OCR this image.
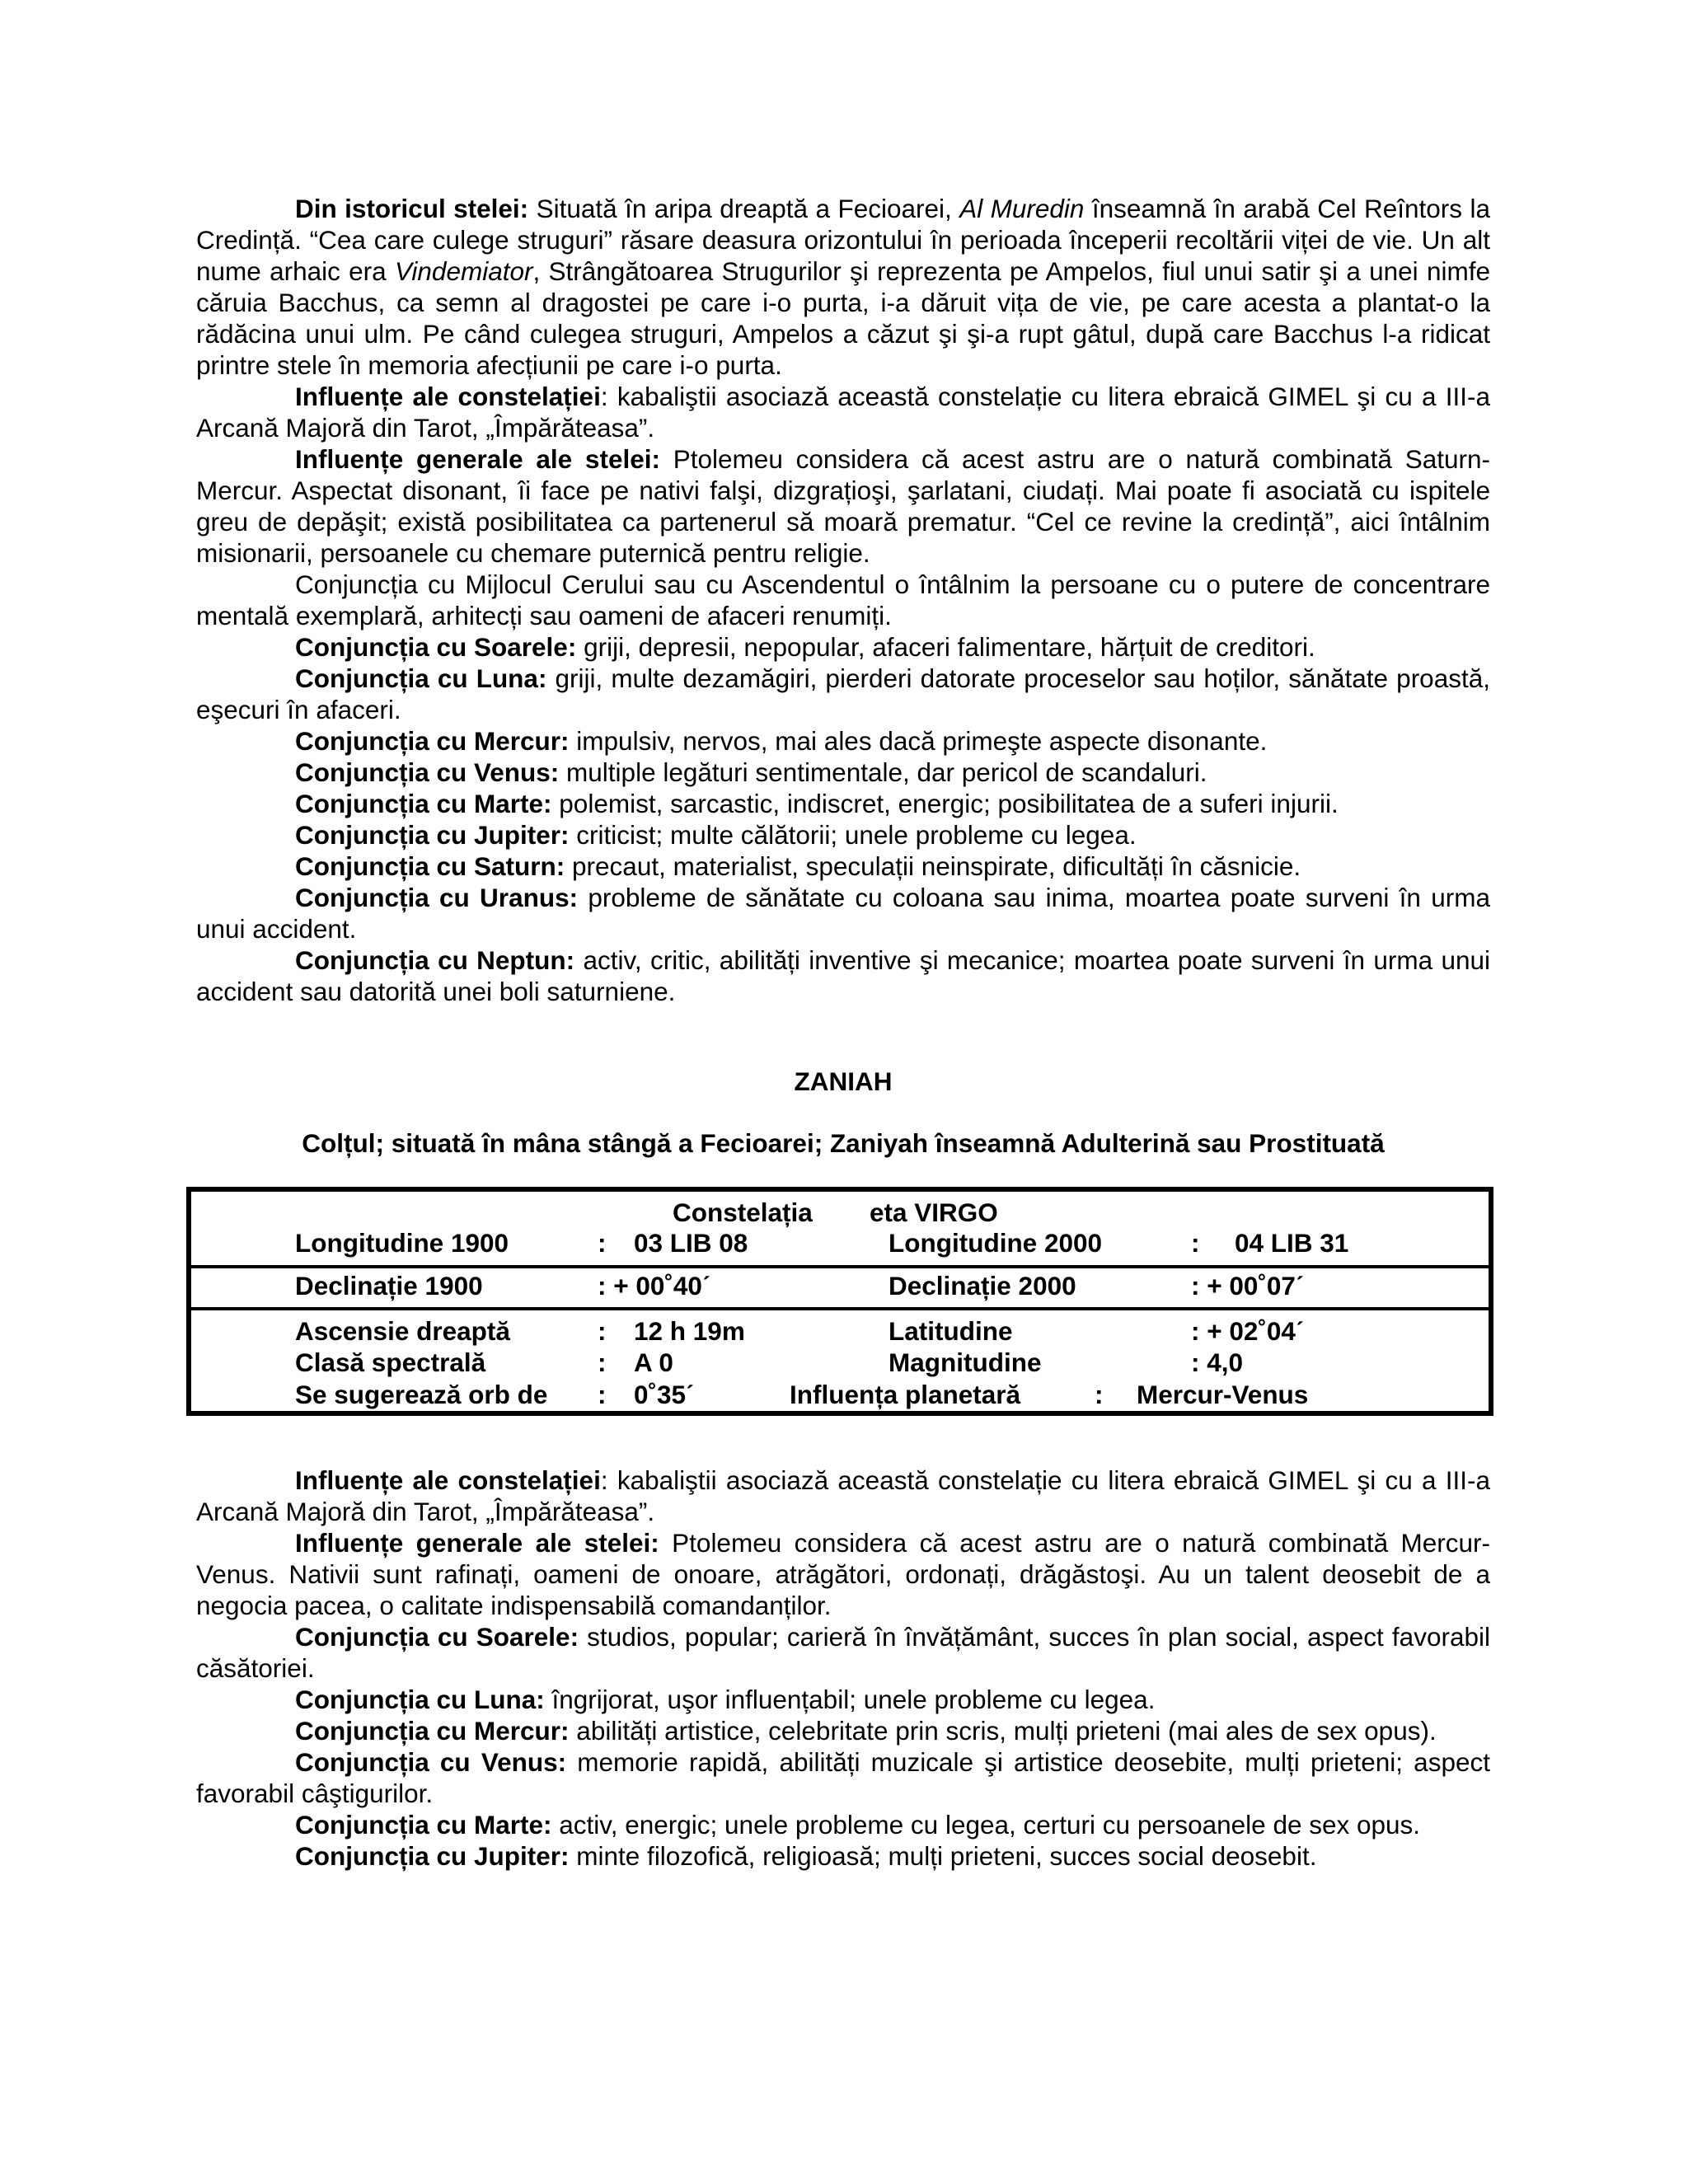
Din istoricul stelei: Situată în aripa dreaptă a Fecioarei, Al Muredin înseamnă în arabă Cel Reîntors la Credință. “Cea care culege struguri” răsare deasura orizontului în perioada începerii recoltării viței de vie. Un alt nume arhaic era Vindemiator, Strângătoarea Strugurilor şi reprezenta pe Ampelos, fiul unui satir şi a unei nimfe căruia Bacchus, ca semn al dragostei pe care i-o purta, i-a dăruit vița de vie, pe care acesta a plantat-o la rădăcina unui ulm. Pe când culegea struguri, Ampelos a căzut şi şi-a rupt gâtul, după care Bacchus l-a ridicat printre stele în memoria afecțiunii pe care i-o purta.

Influențe ale constelației: kabaliştii asociază această constelație cu litera ebraică GIMEL şi cu a III-a Arcană Majoră din Tarot, „Împărăteasa”.

Influențe generale ale stelei: Ptolemeu considera că acest astru are o natură combinată Saturn-Mercur. Aspectat disonant, îi face pe nativi falşi, dizgrațioşi, şarlatani, ciudați. Mai poate fi asociată cu ispitele greu de depăşit; există posibilitatea ca partenerul să moară prematur. “Cel ce revine la credință”, aici întâlnim misionarii, persoanele cu chemare puternică pentru religie.

Conjuncția cu Mijlocul Cerului sau cu Ascendentul o întâlnim la persoane cu o putere de concentrare mentală exemplară, arhitecți sau oameni de afaceri renumiți.

Conjuncția cu Soarele: griji, depresii, nepopular, afaceri falimentare, hărțuit de creditori.

Conjuncția cu Luna: griji, multe dezamăgiri, pierderi datorate proceselor sau hoților, sănătate proastă, eşecuri în afaceri.

Conjuncția cu Mercur: impulsiv, nervos, mai ales dacă primeşte aspecte disonante.

Conjuncția cu Venus: multiple legături sentimentale, dar pericol de scandaluri.

Conjuncția cu Marte: polemist, sarcastic, indiscret, energic; posibilitatea de a suferi injurii.

Conjuncția cu Jupiter: criticist; multe călătorii; unele probleme cu legea.

Conjuncția cu Saturn: precaut, materialist, speculații neinspirate, dificultăți în căsnicie.

Conjuncția cu Uranus: probleme de sănătate cu coloana sau inima, moartea poate surveni în urma unui accident.

Conjuncția cu Neptun: activ, critic, abilități inventive şi mecanice; moartea poate surveni în urma unui accident sau datorită unei boli saturniene.

ZANIAH
Colțul; situată în mâna stângă a Fecioarei; Zaniyah înseamnă Adulterină sau Prostituată
Constelația eta VIRGO
Longitudine 1900	: 03 LIB 08	Longitudine 2000	: 04 LIB 31
Declinație 1900	: + 00˚40ˊ	Declinație 2000	: + 00˚07ˊ
Ascensie dreaptă	: 12 h 19m	Latitudine	: + 02˚04ˊ
Clasă spectrală	: A 0	Magnitudine	: 4,0
Se sugerează orb de : 0˚35ˊ	Influența planetară	: Mercur-Venus

Influențe ale constelației: kabaliştii asociază această constelație cu litera ebraică GIMEL şi cu a III-a Arcană Majoră din Tarot, „Împărăteasa”.

Influențe generale ale stelei: Ptolemeu considera că acest astru are o natură combinată Mercur-Venus. Nativii sunt rafinați, oameni de onoare, atrăgători, ordonați, drăgăstoşi. Au un talent deosebit de a negocia pacea, o calitate indispensabilă comandanților.

Conjuncția cu Soarele: studios, popular; carieră în învățământ, succes în plan social, aspect favorabil căsătoriei.

Conjuncția cu Luna: îngrijorat, uşor influențabil; unele probleme cu legea.

Conjuncția cu Mercur: abilități artistice, celebritate prin scris, mulți prieteni (mai ales de sex opus).

Conjuncția cu Venus: memorie rapidă, abilități muzicale şi artistice deosebite, mulți prieteni; aspect favorabil câştigurilor.

Conjuncția cu Marte: activ, energic; unele probleme cu legea, certuri cu persoanele de sex opus.

Conjuncția cu Jupiter: minte filozofică, religioasă; mulți prieteni, succes social deosebit.
